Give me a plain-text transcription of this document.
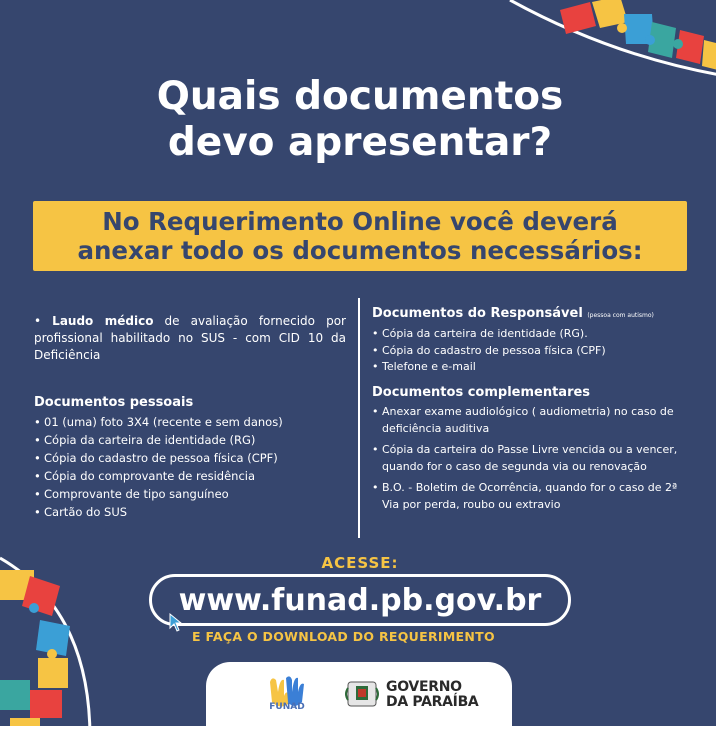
Quais documentos
devo apresentar?
No Requerimento Online você deverá
anexar todo os documentos necessários:

• Laudo médico de avaliação fornecido por profissional habilitado no SUS - com CID 10 da Deficiência

Documentos pessoais
• 01 (uma) foto 3X4 (recente e sem danos)
• Cópia da carteira de identidade (RG)
• Cópia do cadastro de pessoa física (CPF)
• Cópia do comprovante de residência
• Comprovante de tipo sanguíneo
• Cartão do SUS
Documentos do Responsável (pessoa com autismo)
• Cópia da carteira de identidade (RG).
• Cópia do cadastro de pessoa física (CPF)
• Telefone e e-mail
Documentos complementares
• Anexar exame audiológico ( audiometria) no caso de deficiência auditiva
• Cópia da carteira do Passe Livre vencida ou a vencer, quando for o caso de segunda via ou renovação
• B.O. - Boletim de Ocorrência, quando for o caso de 2ª Via por perda, roubo ou extravio
ACESSE:
www.funad.pb.gov.br
E FAÇA O DOWNLOAD DO REQUERIMENTO
FUNAD
GOVERNO
DA PARAÍBA
